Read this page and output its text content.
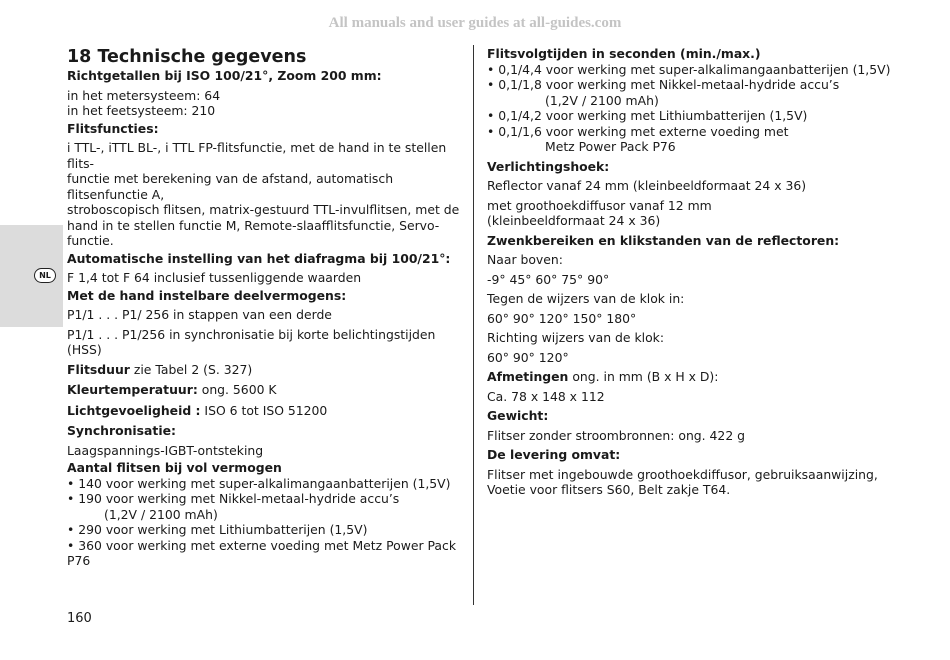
All manuals and user guides at all-guides.com
NL
18 Technische gegevens
Richtgetallen bij ISO 100/21°, Zoom 200 mm:
in het metersysteem: 64
in het feetsysteem: 210
Flitsfuncties:
i TTL-, iTTL BL-, i TTL FP-flitsfunctie, met de hand in te stellen flits-
functie met berekening van de afstand, automatisch flitsenfunctie A,
stroboscopisch flitsen, matrix-gestuurd TTL-invulflitsen, met de
hand in te stellen functie M, Remote-slaafflitsfunctie, Servo-functie.
Automatische instelling van het diafragma bij 100/21°:
F 1,4 tot F 64 inclusief tussenliggende waarden
Met de hand instelbare deelvermogens:
P1/1 . . . P1/ 256 in stappen van een derde
P1/1 . . . P1/256 in synchronisatie bij korte belichtingstijden (HSS)
Flitsduur zie Tabel 2 (S. 327)
Kleurtemperatuur: ong. 5600 K
Lichtgevoeligheid : ISO 6 tot ISO 51200
Synchronisatie:
Laagspannings-IGBT-ontsteking
Aantal flitsen bij vol vermogen
• 140 voor werking met super-alkalimangaanbatterijen (1,5V)
• 190 voor werking met Nikkel-metaal-hydride accu’s
(1,2V / 2100 mAh)
• 290 voor werking met Lithiumbatterijen (1,5V)
• 360 voor werking met externe voeding met Metz Power Pack P76
Flitsvolgtijden in seconden (min./max.)
• 0,1/4,4 voor werking met super-alkalimangaanbatterijen (1,5V)
• 0,1/1,8 voor werking met Nikkel-metaal-hydride accu’s
(1,2V / 2100 mAh)
• 0,1/4,2 voor werking met Lithiumbatterijen (1,5V)
• 0,1/1,6 voor werking met externe voeding met
Metz Power Pack P76
Verlichtingshoek:
Reflector vanaf 24 mm (kleinbeeldformaat 24 x 36)
met groothoekdiffusor vanaf 12 mm
(kleinbeeldformaat 24 x 36)
Zwenkbereiken en klikstanden van de reflectoren:
Naar boven:
-9° 45° 60° 75° 90°
Tegen de wijzers van de klok in:
60° 90° 120° 150° 180°
Richting wijzers van de klok:
60° 90° 120°
Afmetingen ong. in mm (B x H x D):
Ca. 78 x 148 x 112
Gewicht:
Flitser zonder stroombronnen: ong. 422 g
De levering omvat:
Flitser met ingebouwde groothoekdiffusor, gebruiksaanwijzing,
Voetie voor flitsers S60, Belt zakje T64.
160
